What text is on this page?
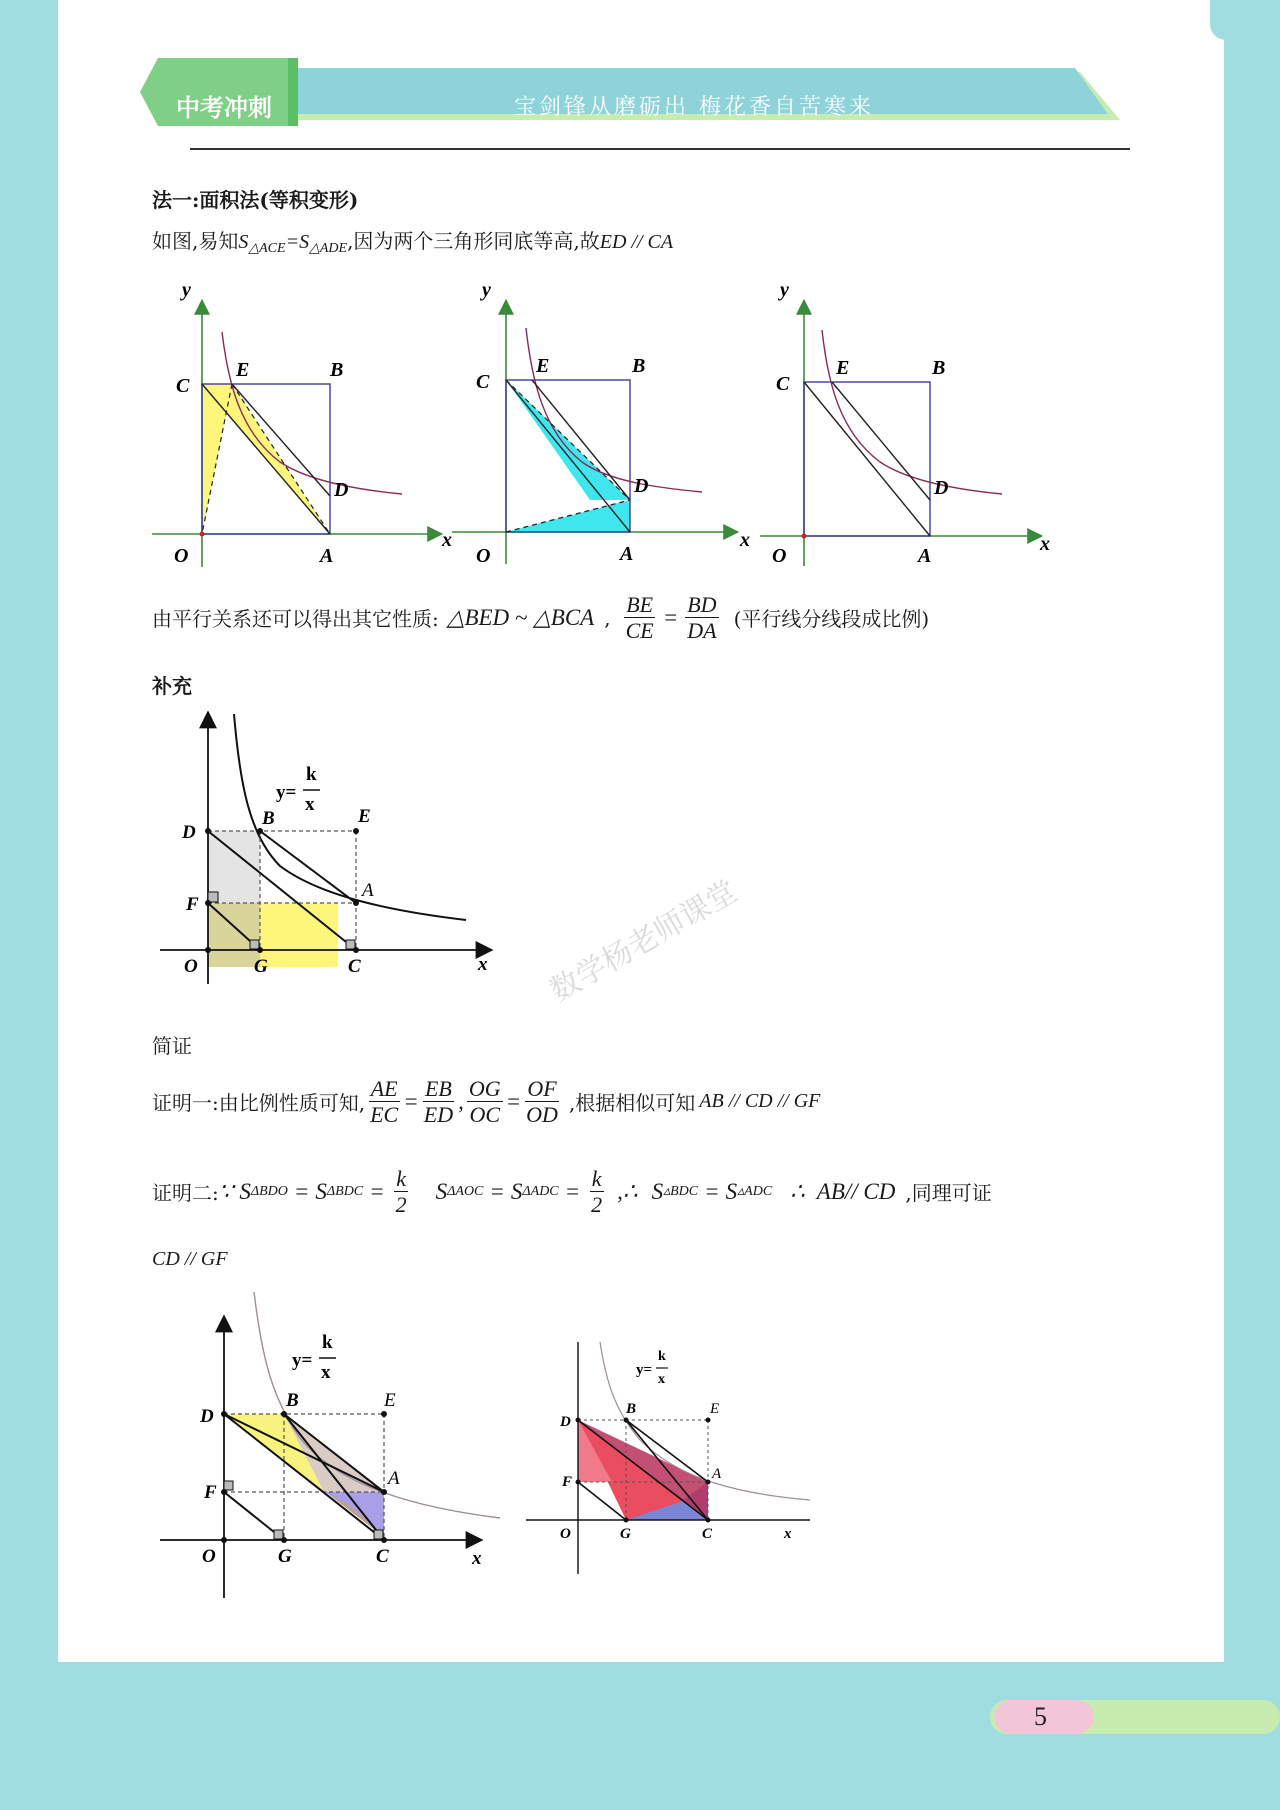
中考冲刺	宝剑锋从磨砺出 梅花香自苦寒来
法一:面积法(等积变形)
如图,易知$S_{\triangle ACE}=S_{\triangle ADE}$,因为两个三角形同底等高,故ED // CA
y
C
E	B
D
O	A
x
y
C
E	B
D
O	A
x
y
C
E	B
D
O	A
x
由平行关系还可以得出其它性质: △BED ~ △BCA , $\frac{BE}{CE} = \frac{BD}{DA}$ (平行线分线段成比例)
补充
y=
k
x
D
B	E
A
F
O	G	C	x 数学杨老师课堂
简证
证明一:由比例性质可知, $\frac{AE}{EC} = \frac{EB}{ED}$ , $\frac{OG}{OC} = \frac{OF}{OD}$ ,根据相似可知 AB // CD // GF
证明二: ∵ S ΔBDO = S $\Delta BDC = \frac{k}{2}$ S ΔAOC = S $\Delta ADC = \frac{k}{2}$ ,∴ S ▵BDC = S ▵ADC ∴ AB// CD ,同理可证
CD // GF
y=
k
x
D
B	E
A
F
O	G	C	x
y=
k
x
D
B	E
A
F
O	G	C	x
5
